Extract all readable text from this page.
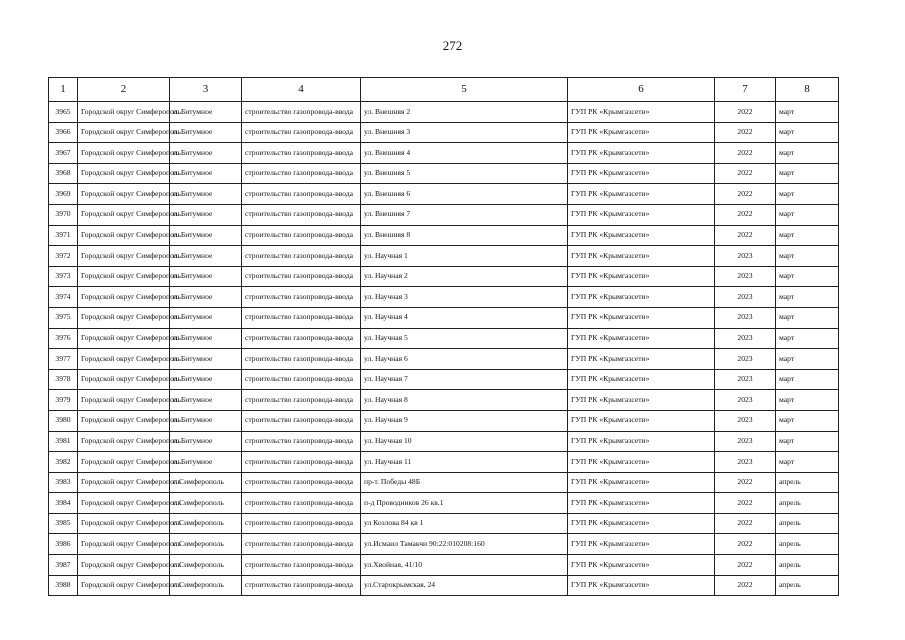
272
1	2	3	4	5	6	7	8
3965	Городской округ Симферополь	п. Битумное	строительство газопровода-ввода	ул. Внешняя 2	ГУП РК «Крымгазсети»	2022	март
3966	Городской округ Симферополь	п. Битумное	строительство газопровода-ввода	ул. Внешняя 3	ГУП РК «Крымгазсети»	2022	март
3967	Городской округ Симферополь	п. Битумное	строительство газопровода-ввода	ул. Внешняя 4	ГУП РК «Крымгазсети»	2022	март
3968	Городской округ Симферополь	п. Битумное	строительство газопровода-ввода	ул. Внешняя 5	ГУП РК «Крымгазсети»	2022	март
3969	Городской округ Симферополь	п. Битумное	строительство газопровода-ввода	ул. Внешняя 6	ГУП РК «Крымгазсети»	2022	март
3970	Городской округ Симферополь	п. Битумное	строительство газопровода-ввода	ул. Внешняя 7	ГУП РК «Крымгазсети»	2022	март
3971	Городской округ Симферополь	п. Битумное	строительство газопровода-ввода	ул. Внешняя 8	ГУП РК «Крымгазсети»	2022	март
3972	Городской округ Симферополь	п. Битумное	строительство газопровода-ввода	ул. Научная 1	ГУП РК «Крымгазсети»	2023	март
3973	Городской округ Симферополь	п. Битумное	строительство газопровода-ввода	ул. Научная 2	ГУП РК «Крымгазсети»	2023	март
3974	Городской округ Симферополь	п. Битумное	строительство газопровода-ввода	ул. Научная 3	ГУП РК «Крымгазсети»	2023	март
3975	Городской округ Симферополь	п. Битумное	строительство газопровода-ввода	ул. Научная 4	ГУП РК «Крымгазсети»	2023	март
3976	Городской округ Симферополь	п. Битумное	строительство газопровода-ввода	ул. Научная 5	ГУП РК «Крымгазсети»	2023	март
3977	Городской округ Симферополь	п. Битумное	строительство газопровода-ввода	ул. Научная 6	ГУП РК «Крымгазсети»	2023	март
3978	Городской округ Симферополь	п. Битумное	строительство газопровода-ввода	ул. Научная 7	ГУП РК «Крымгазсети»	2023	март
3979	Городской округ Симферополь	п. Битумное	строительство газопровода-ввода	ул. Научная 8	ГУП РК «Крымгазсети»	2023	март
3980	Городской округ Симферополь	п. Битумное	строительство газопровода-ввода	ул. Научная 9	ГУП РК «Крымгазсети»	2023	март
3981	Городской округ Симферополь	п. Битумное	строительство газопровода-ввода	ул. Научная 10	ГУП РК «Крымгазсети»	2023	март
3982	Городской округ Симферополь	п. Битумное	строительство газопровода-ввода	ул. Научная 11	ГУП РК «Крымгазсети»	2023	март
3983	Городской округ Симферополь	г. Симферополь	строительство газопровода-ввода	пр-т. Победы 48Б	ГУП РК «Крымгазсети»	2022	апрель
3984	Городской округ Симферополь	г. Симферополь	строительство газопровода-ввода	п-д Проводников 26 кв.1	ГУП РК «Крымгазсети»	2022	апрель
3985	Городской округ Симферополь	г. Симферополь	строительство газопровода-ввода	ул Козлова 84 кв 1	ГУП РК «Крымгазсети»	2022	апрель
3986	Городской округ Симферополь	г. Симферополь	строительство газопровода-ввода	ул.Исмаил Тамакчи 90:22:010208:160	ГУП РК «Крымгазсети»	2022	апрель
3987	Городской округ Симферополь	г. Симферополь	строительство газопровода-ввода	ул.Хвойная, 41/10	ГУП РК «Крымгазсети»	2022	апрель
3988	Городской округ Симферополь	г. Симферополь	строительство газопровода-ввода	ул.Старокрымская, 24	ГУП РК «Крымгазсети»	2022	апрель
